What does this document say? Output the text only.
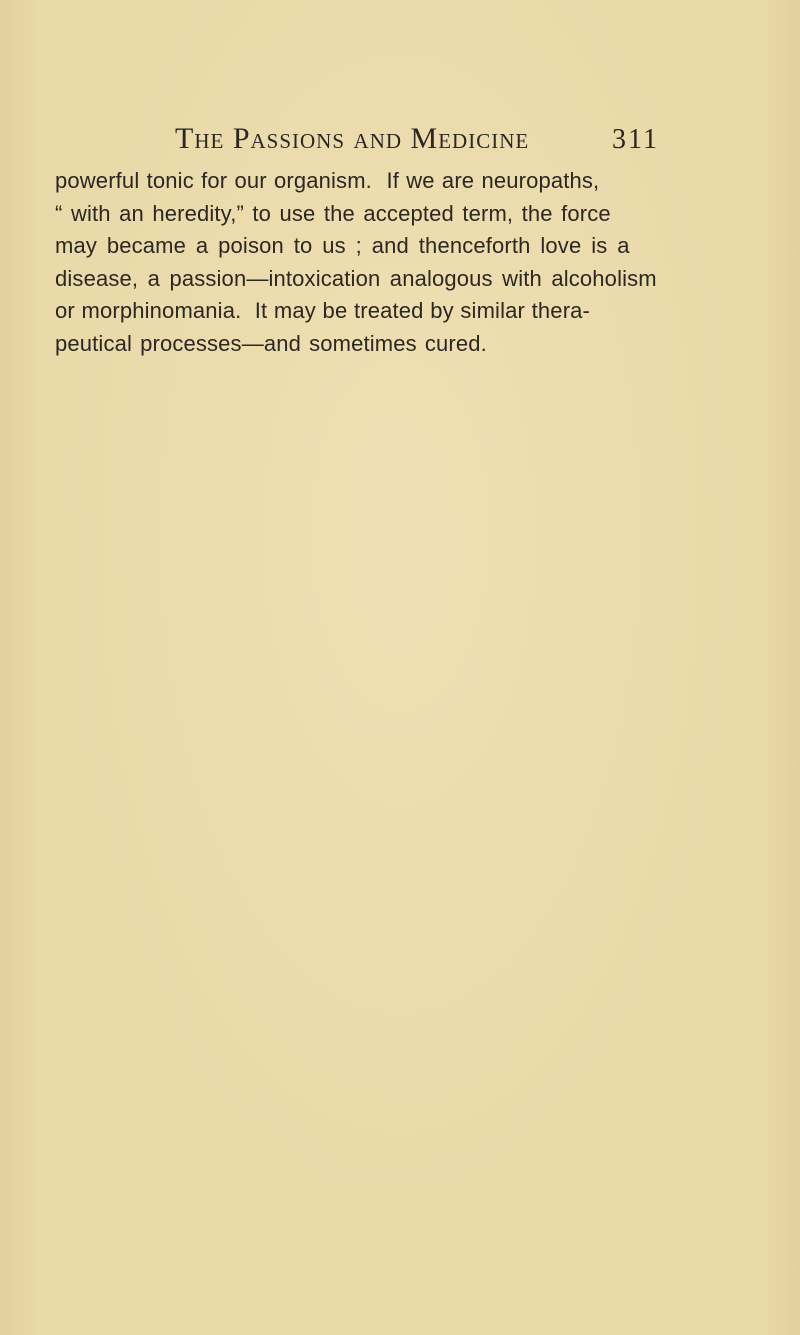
The Passions and Medicine	311
powerful tonic for our organism.  If we are neuropaths,
“ with an heredity,” to use the accepted term, the force
may became a poison to us ; and thenceforth love is a
disease, a passion—intoxication analogous with alcoholism
or morphinomania.  It may be treated by similar thera-
peutical processes—and sometimes cured.
